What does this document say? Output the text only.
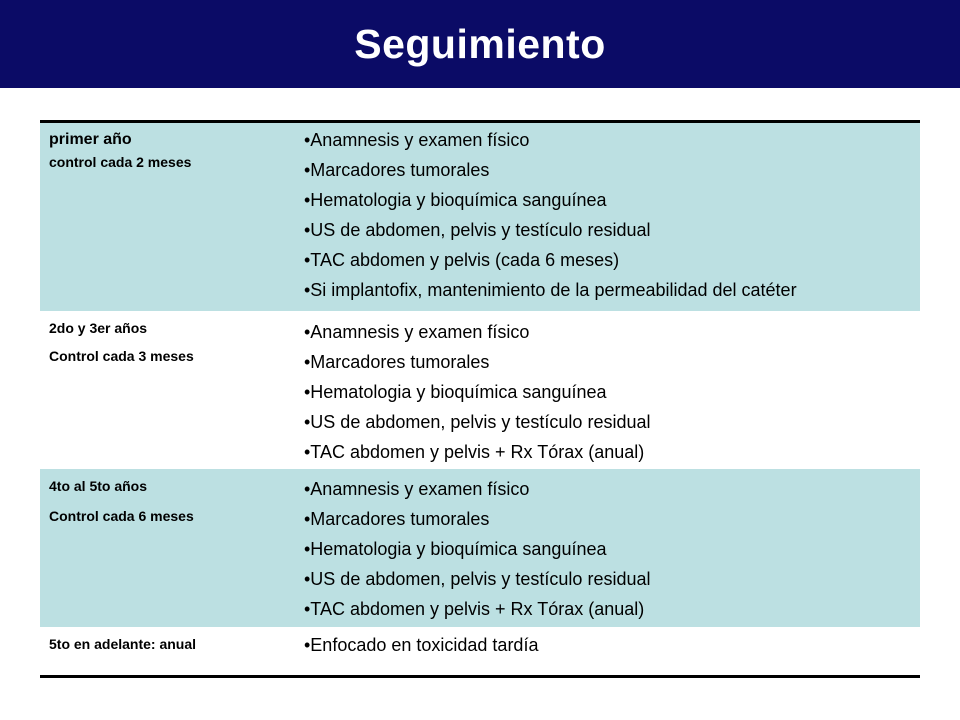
Seguimiento
primer año
control cada 2 meses
•Anamnesis y examen físico
•Marcadores tumorales
•Hematologia y bioquímica sanguínea
•US de abdomen, pelvis y testículo residual
•TAC abdomen y pelvis (cada 6 meses)
•Si implantofix, mantenimiento de la permeabilidad del catéter
2do y 3er años
Control cada 3 meses
•Anamnesis y examen físico
•Marcadores tumorales
•Hematologia y bioquímica sanguínea
•US de abdomen, pelvis y testículo residual
•TAC abdomen y pelvis + Rx Tórax (anual)
4to al 5to años
Control cada 6 meses
•Anamnesis y examen físico
•Marcadores tumorales
•Hematologia y bioquímica sanguínea
•US de abdomen, pelvis y testículo residual
•TAC abdomen y pelvis + Rx Tórax (anual)
5to en adelante: anual	•Enfocado en toxicidad tardía
